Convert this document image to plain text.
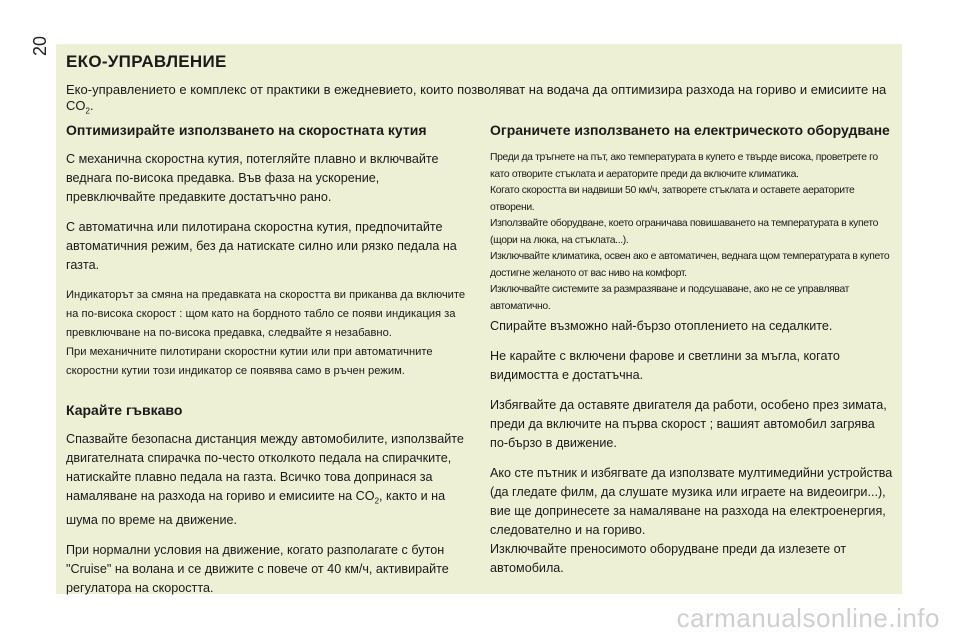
20
ЕКО-УПРАВЛЕНИЕ
Еко-управлението е комплекс от практики в ежедневието, които позволяват на водача да оптимизира разхода на гориво и емисиите на $CO_2$.
Оптимизирайте използването на скоростната кутия

С механична скоростна кутия, потегляйте плавно и включвайте веднага по-висока предавка. Във фаза на ускорение, превключвайте предавките достатъчно рано.

С автоматична или пилотирана скоростна кутия, предпочитайте автоматичния режим, без да натискате силно или рязко педала на газта.

Индикаторът за смяна на предавката на скоростта ви приканва да включите на по-висока скорост : щом като на бордното табло се появи индикация за превключване на по-висока предавка, следвайте я незабавно.

При механичните пилотирани скоростни кутии или при автоматичните скоростни кутии този индикатор се появява само в ръчен режим.

Карайте гъвкаво

Спазвайте безопасна дистанция между автомобилите, използвайте двигателната спирачка по-често отколкото педала на спирачките, натискайте плавно педала на газта. Всичко това допринася за намаляване на разхода на гориво и емисиите на $CO_2$, както и на шума по време на движение.

При нормални условия на движение, когато разполагате с бутон "Cruise" на волана и се движите с повече от 40 км/ч, активирайте регулатора на скоростта.

Ограничете използването на електрическото оборудване

Преди да тръгнете на път, ако температурата в купето е твърде висока, проветрете го като отворите стъклата и аераторите преди да включите климатика.

Когато скоростта ви надвиши 50 км/ч, затворете стъклата и оставете аераторите отворени.

Използвайте оборудване, което ограничава повишаването на температурата в купето (щори на люка, на стъклата...).

Изключвайте климатика, освен ако е автоматичен, веднага щом температурата в купето достигне желаното от вас ниво на комфорт.

Изключвайте системите за размразяване и подсушаване, ако не се управляват автоматично.

Спирайте възможно най-бързо отоплението на седалките.

Не карайте с включени фарове и светлини за мъгла, когато видимостта е достатъчна.

Избягвайте да оставяте двигателя да работи, особено през зимата, преди да включите на първа скорост ; вашият автомобил загрява по-бързо в движение.

Ако сте пътник и избягвате да използвате мултимедийни устройства (да гледате филм, да слушате музика или играете на видеоигри...), вие ще допринесете за намаляване на разхода на електроенергия, следователно и на гориво.

Изключвайте преносимото оборудване преди да излезете от автомобила.

carmanualsonline.info
